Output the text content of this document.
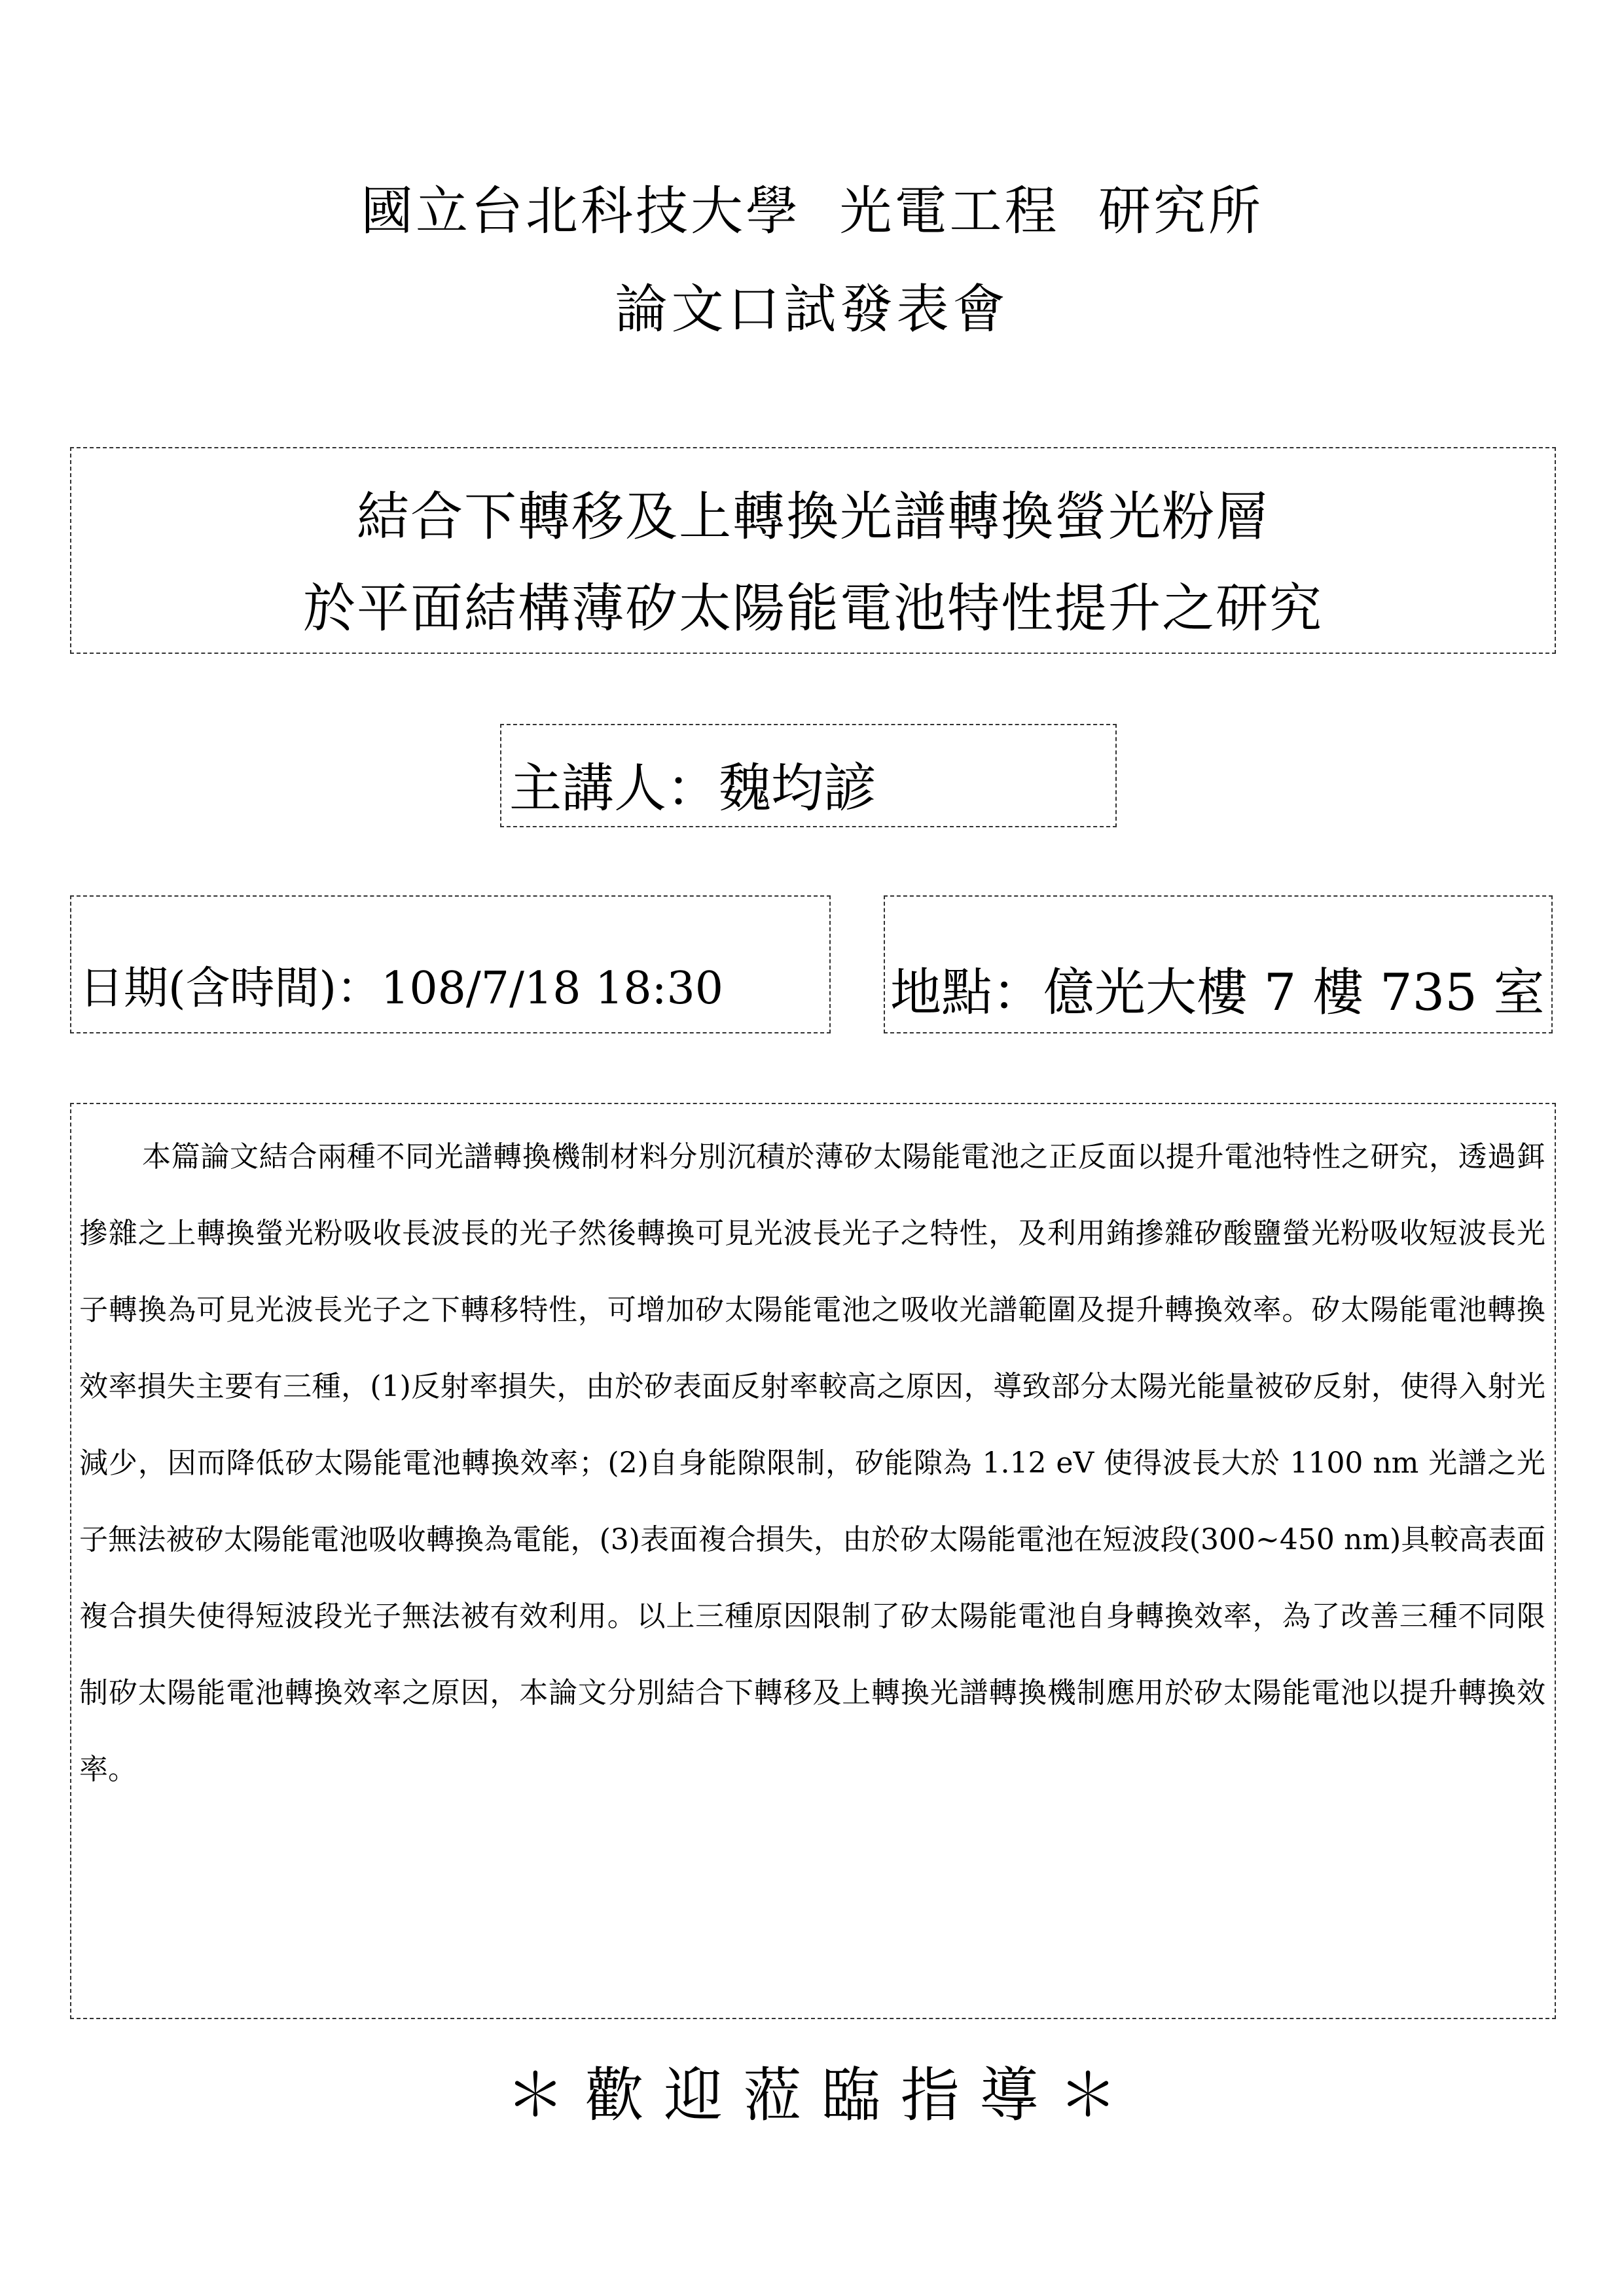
國立台北科技大學 光電工程 研究所
論文口試發表會
結合下轉移及上轉換光譜轉換螢光粉層
於平面結構薄矽太陽能電池特性提升之研究
主講人：魏均諺
日期(含時間)：108/7/18 18:30	地點：億光大樓 7 樓 735 室

本篇論文結合兩種不同光譜轉換機制材料分別沉積於薄矽太陽能電池之正反面以提升電池特性之研究，透過鉺摻雜之上轉換螢光粉吸收長波長的光子然後轉換可見光波長光子之特性，及利用銪摻雜矽酸鹽螢光粉吸收短波長光子轉換為可見光波長光子之下轉移特性，可增加矽太陽能電池之吸收光譜範圍及提升轉換效率。矽太陽能電池轉換效率損失主要有三種，(1)反射率損失，由於矽表面反射率較高之原因，導致部分太陽光能量被矽反射，使得入射光減少，因而降低矽太陽能電池轉換效率；(2)自身能隙限制，矽能隙為 1.12 eV 使得波長大於 1100 nm 光譜之光子無法被矽太陽能電池吸收轉換為電能，(3)表面複合損失，由於矽太陽能電池在短波段(300~450 nm)具較高表面複合損失使得短波段光子無法被有效利用。以上三種原因限制了矽太陽能電池自身轉換效率，為了改善三種不同限制矽太陽能電池轉換效率之原因，本論文分別結合下轉移及上轉換光譜轉換機制應用於矽太陽能電池以提升轉換效率。

＊ 歡 迎 蒞 臨 指 導 ＊
